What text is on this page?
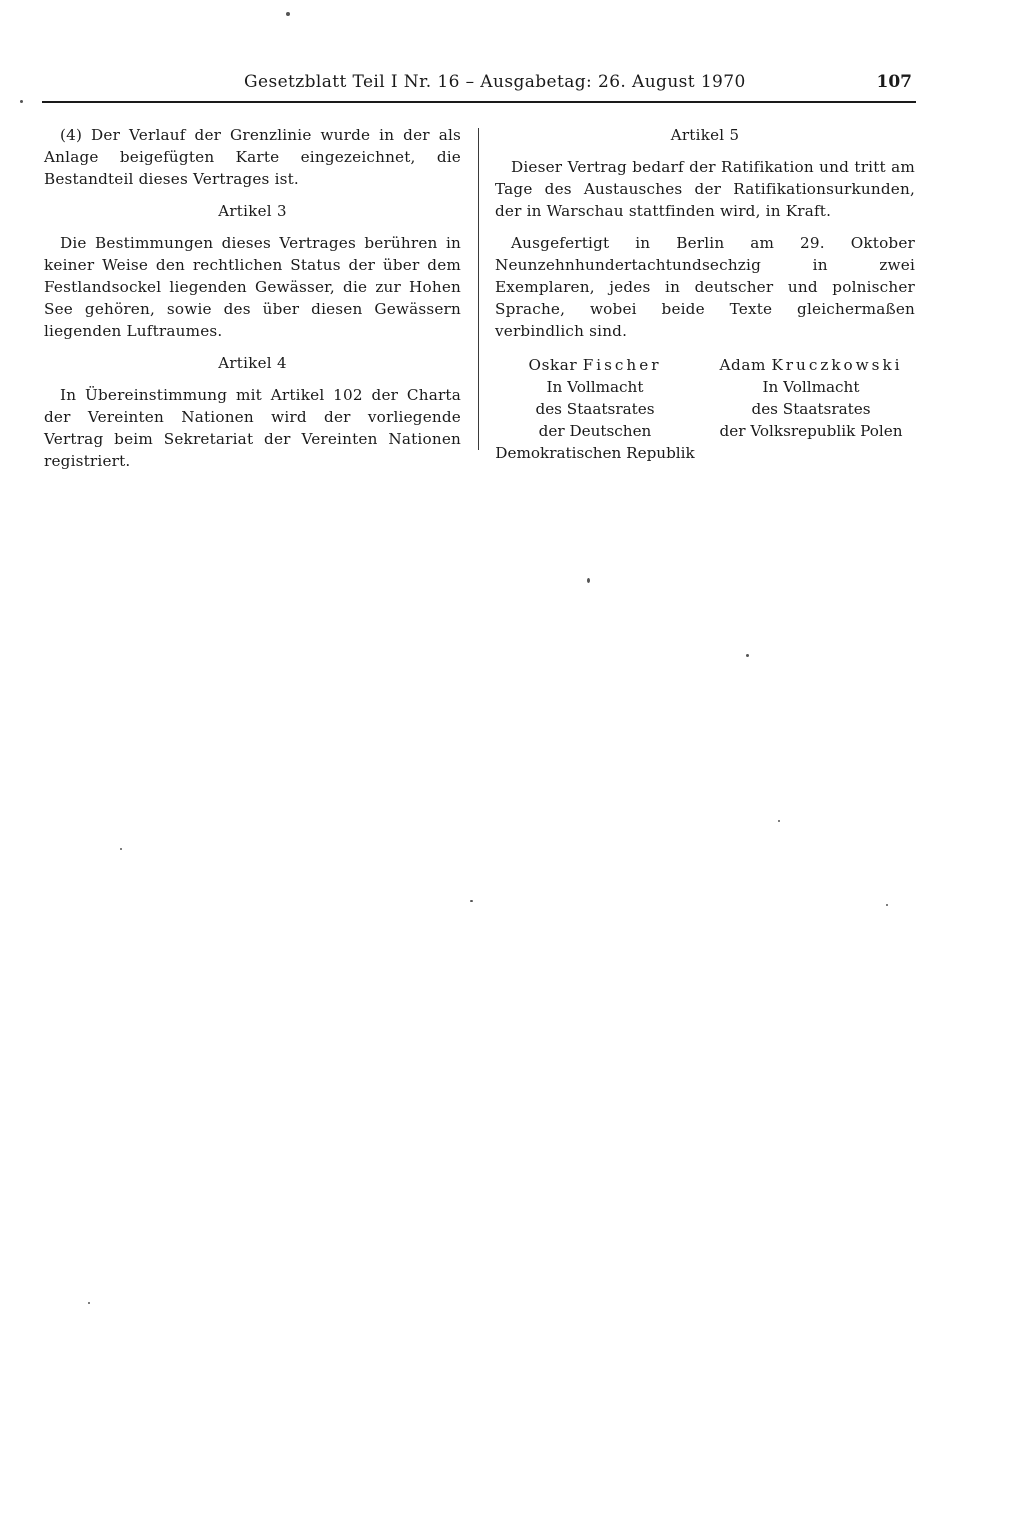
Gesetzblatt Teil I Nr. 16 – Ausgabetag: 26. August 1970	107

(4) Der Verlauf der Grenzlinie wurde in der als Anlage beigefügten Karte eingezeichnet, die Bestandteil dieses Vertrages ist.

Artikel 3

Die Bestimmungen dieses Vertrages berühren in keiner Weise den rechtlichen Status der über dem Festlandsockel liegenden Gewässer, die zur Hohen See gehören, sowie des über diesen Gewässern liegenden Luftraumes.

Artikel 4

In Übereinstimmung mit Artikel 102 der Charta der Vereinten Nationen wird der vorliegende Vertrag beim Sekretariat der Vereinten Nationen registriert.

Artikel 5

Dieser Vertrag bedarf der Ratifikation und tritt am Tage des Austausches der Ratifikationsurkunden, der in Warschau stattfinden wird, in Kraft.

Ausgefertigt in Berlin am 29. Oktober Neunzehnhundertachtundsechzig in zwei Exemplaren, jedes in deutscher und polnischer Sprache, wobei beide Texte gleichermaßen verbindlich sind.

Oskar Fischer
In Vollmacht
des Staatsrates
der Deutschen
Demokratischen Republik
Adam Kruczkowski
In Vollmacht
des Staatsrates
der Volksrepublik Polen
